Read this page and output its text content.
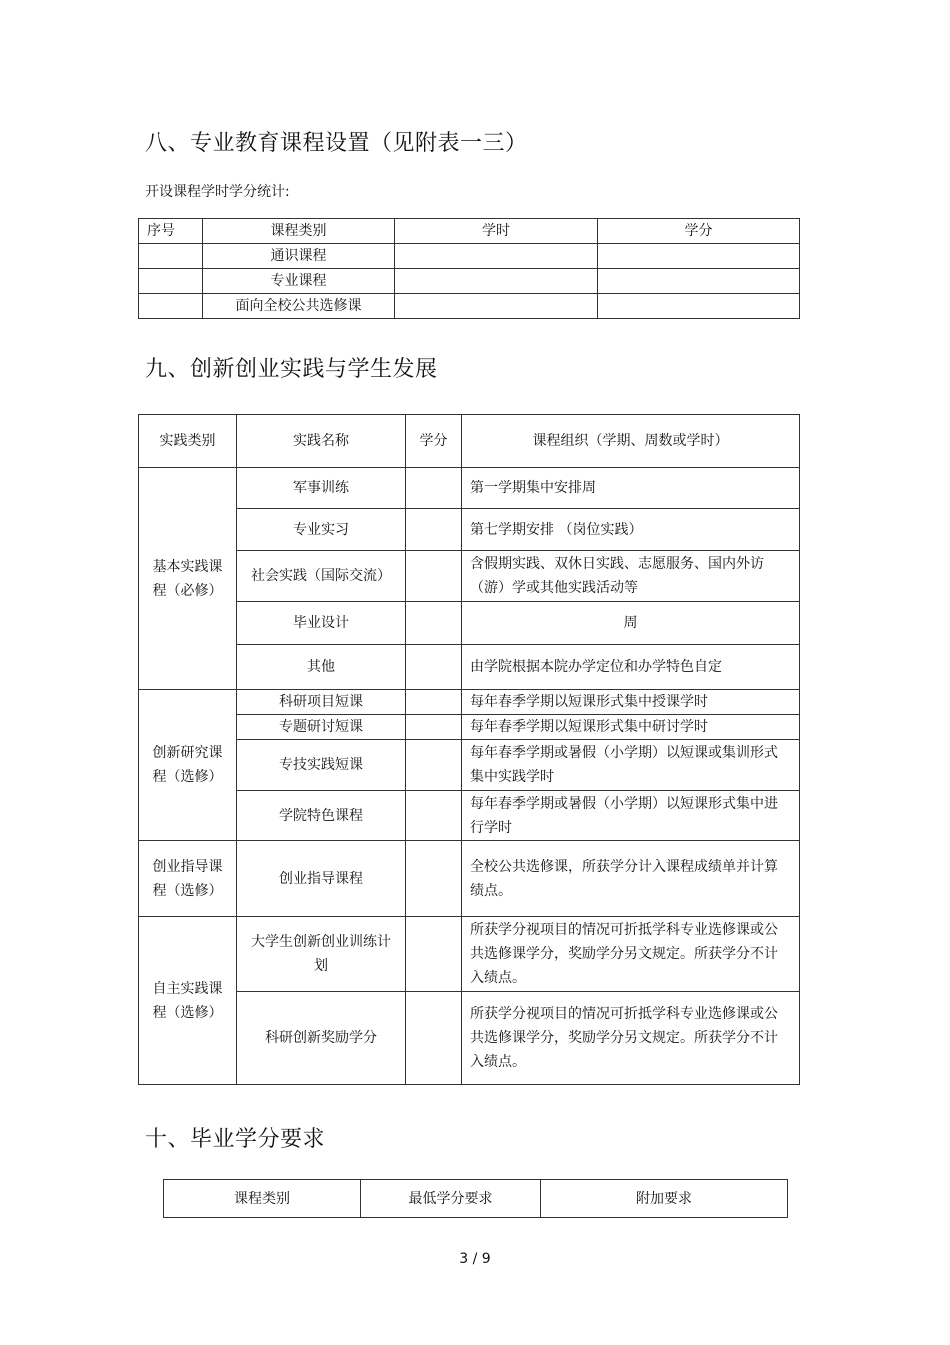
八、专业教育课程设置（见附表一三）
开设课程学时学分统计:
序号	课程类别	学时	学分
	通识课程		
	专业课程		
	面向全校公共选修课		
九、创新创业实践与学生发展
实践类别	实践名称	学分	课程组织（学期、周数或学时）
基本实践课程（必修）	军事训练		第一学期集中安排周
	专业实习		第七学期安排 （岗位实践）
	社会实践（国际交流）		含假期实践、双休日实践、志愿服务、国内外访（游）学或其他实践活动等
	毕业设计		周
	其他		由学院根据本院办学定位和办学特色自定
创新研究课程（选修）	科研项目短课		每年春季学期以短课形式集中授课学时
	专题研讨短课		每年春季学期以短课形式集中研讨学时
	专技实践短课		每年春季学期或暑假（小学期）以短课或集训形式集中实践学时
	学院特色课程		每年春季学期或暑假（小学期）以短课形式集中进行学时
创业指导课程（选修）	创业指导课程		全校公共选修课，所获学分计入课程成绩单并计算绩点。
自主实践课程（选修）	大学生创新创业训练计划		所获学分视项目的情况可折抵学科专业选修课或公共选修课学分，奖励学分另文规定。所获学分不计入绩点。
	科研创新奖励学分		所获学分视项目的情况可折抵学科专业选修课或公共选修课学分，奖励学分另文规定。所获学分不计入绩点。
十、毕业学分要求
课程类别	最低学分要求	附加要求
3 / 9
